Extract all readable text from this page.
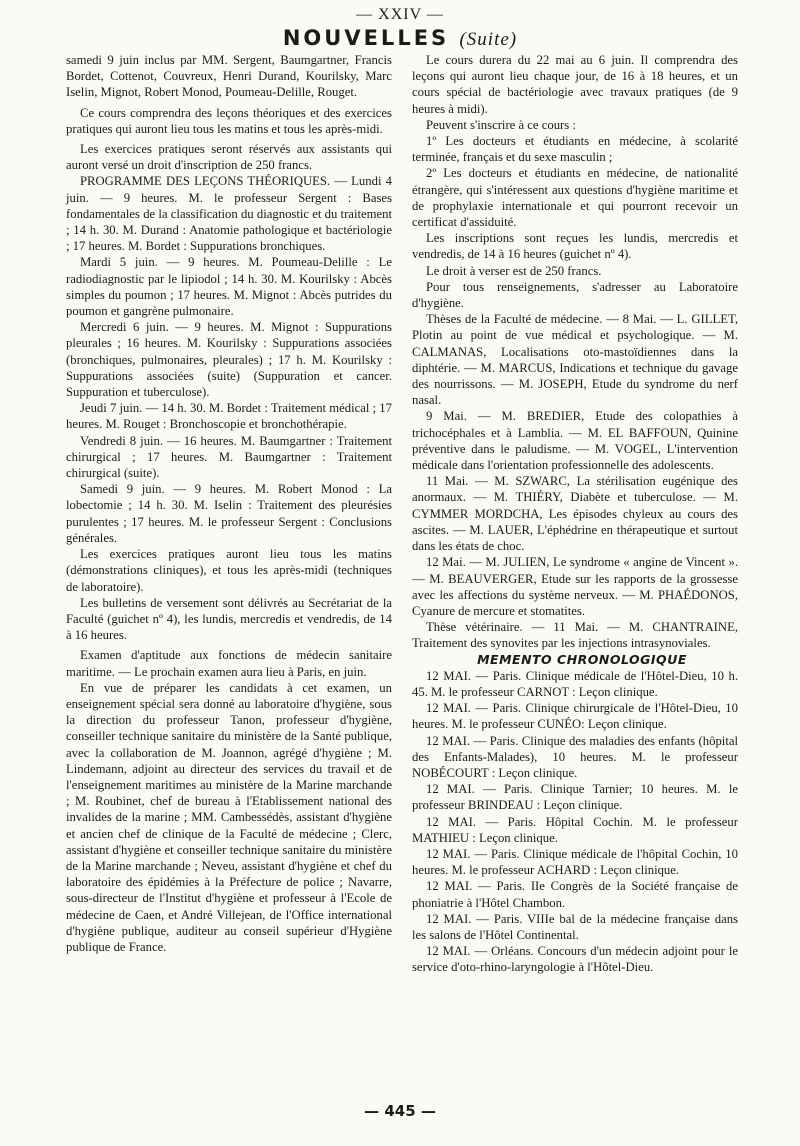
— XXIV —
NOUVELLES (Suite)

samedi 9 juin inclus par MM. Sergent, Baumgartner, Francis Bordet, Cottenot, Couvreux, Henri Durand, Kourilsky, Marc Iselin, Mignot, Robert Monod, Poumeau-Delille, Rouget.

Ce cours comprendra des leçons théoriques et des exercices pratiques qui auront lieu tous les matins et tous les après-midi.

Les exercices pratiques seront réservés aux assistants qui auront versé un droit d'inscription de 250 francs.

PROGRAMME DES LEÇONS THÉORIQUES. — Lundi 4 juin. — 9 heures. M. le professeur Sergent : Bases fondamentales de la classification du diagnostic et du traitement ; 14 h. 30. M. Durand : Anatomie pathologique et bactériologie ; 17 heures. M. Bordet : Suppurations bronchiques.

Mardi 5 juin. — 9 heures. M. Poumeau-Delille : Le radiodiagnostic par le lipiodol ; 14 h. 30. M. Kourilsky : Abcès simples du poumon ; 17 heures. M. Mignot : Abcès putrides du poumon et gangrène pulmonaire.

Mercredi 6 juin. — 9 heures. M. Mignot : Suppurations pleurales ; 16 heures. M. Kourilsky : Suppurations associées (bronchiques, pulmonaires, pleurales) ; 17 h. M. Kourilsky : Suppurations associées (suite) (Suppuration et cancer. Suppuration et tuberculose).

Jeudi 7 juin. — 14 h. 30. M. Bordet : Traitement médical ; 17 heures. M. Rouget : Bronchoscopie et bronchothérapie.

Vendredi 8 juin. — 16 heures. M. Baumgartner : Traitement chirurgical ; 17 heures. M. Baumgartner : Traitement chirurgical (suite).

Samedi 9 juin. — 9 heures. M. Robert Monod : La lobectomie ; 14 h. 30. M. Iselin : Traitement des pleurésies purulentes ; 17 heures. M. le professeur Sergent : Conclusions générales.

Les exercices pratiques auront lieu tous les matins (démonstrations cliniques), et tous les après-midi (techniques de laboratoire).

Les bulletins de versement sont délivrés au Secrétariat de la Faculté (guichet nº 4), les lundis, mercredis et vendredis, de 14 à 16 heures.

Examen d'aptitude aux fonctions de médecin sanitaire maritime. — Le prochain examen aura lieu à Paris, en juin.

En vue de préparer les candidats à cet examen, un enseignement spécial sera donné au laboratoire d'hygiène, sous la direction du professeur Tanon, professeur d'hygiène, conseiller technique sanitaire du ministère de la Santé publique, avec la collaboration de M. Joannon, agrégé d'hygiène ; M. Lindemann, adjoint au directeur des services du travail et de l'enseignement maritimes au ministère de la Marine marchande ; M. Roubinet, chef de bureau à l'Etablissement national des invalides de la marine ; MM. Cambessédès, assistant d'hygiène et ancien chef de clinique de la Faculté de médecine ; Clerc, assistant d'hygiène et conseiller technique sanitaire du ministère de la Marine marchande ; Neveu, assistant d'hygiène et chef du laboratoire des épidémies à la Préfecture de police ; Navarre, sous-directeur de l'Institut d'hygiène et professeur à l'Ecole de médecine de Caen, et André Villejean, de l'Office international d'hygiène publique, auditeur au conseil supérieur d'Hygiène publique de France.

Le cours durera du 22 mai au 6 juin. Il comprendra des leçons qui auront lieu chaque jour, de 16 à 18 heures, et un cours spécial de bactériologie avec travaux pratiques (de 9 heures à midi).

Peuvent s'inscrire à ce cours :

1º Les docteurs et étudiants en médecine, à scolarité terminée, français et du sexe masculin ;

2º Les docteurs et étudiants en médecine, de nationalité étrangère, qui s'intéressent aux questions d'hygiène maritime et de prophylaxie internationale et qui pourront recevoir un certificat d'assiduité.

Les inscriptions sont reçues les lundis, mercredis et vendredis, de 14 à 16 heures (guichet nº 4).

Le droit à verser est de 250 francs.

Pour tous renseignements, s'adresser au Laboratoire d'hygiène.

Thèses de la Faculté de médecine. — 8 Mai. — L. GILLET, Plotin au point de vue médical et psychologique. — M. CALMANAS, Localisations oto-mastoïdiennes dans la diphtérie. — M. MARCUS, Indications et technique du gavage des nourrissons. — M. JOSEPH, Etude du syndrome du nerf nasal.

9 Mai. — M. BREDIER, Etude des colopathies à trichocéphales et à Lamblia. — M. EL BAFFOUN, Quinine préventive dans le paludisme. — M. VOGEL, L'intervention médicale dans l'orientation professionnelle des adolescents.

11 Mai. — M. SZWARC, La stérilisation eugénique des anormaux. — M. THIÉRY, Diabète et tuberculose. — M. CYMMER MORDCHA, Les épisodes chyleux au cours des ascites. — M. LAUER, L'éphédrine en thérapeutique et surtout dans les états de choc.

12 Mai. — M. JULIEN, Le syndrome « angine de Vincent ». — M. BEAUVERGER, Etude sur les rapports de la grossesse avec les affections du système nerveux. — M. PHAÉDONOS, Cyanure de mercure et stomatites.

Thèse vétérinaire. — 11 Mai. — M. CHANTRAINE, Traitement des synovites par les injections intrasynoviales.

MEMENTO CHRONOLOGIQUE

12 MAI. — Paris. Clinique médicale de l'Hôtel-Dieu, 10 h. 45. M. le professeur CARNOT : Leçon clinique.

12 MAI. — Paris. Clinique chirurgicale de l'Hôtel-Dieu, 10 heures. M. le professeur CUNÉO: Leçon clinique.

12 MAI. — Paris. Clinique des maladies des enfants (hôpital des Enfants-Malades), 10 heures. M. le professeur NOBÉCOURT : Leçon clinique.

12 MAI. — Paris. Clinique Tarnier; 10 heures. M. le professeur BRINDEAU : Leçon clinique.

12 MAI. — Paris. Hôpital Cochin. M. le professeur MATHIEU : Leçon clinique.

12 MAI. — Paris. Clinique médicale de l'hôpital Cochin, 10 heures. M. le professeur ACHARD : Leçon clinique.

12 MAI. — Paris. IIe Congrès de la Société française de phoniatrie à l'Hôtel Chambon.

12 MAI. — Paris. VIIIe bal de la médecine française dans les salons de l'Hôtel Continental.

12 MAI. — Orléans. Concours d'un médecin adjoint pour le service d'oto-rhino-laryngologie à l'Hôtel-Dieu.

— 445 —
